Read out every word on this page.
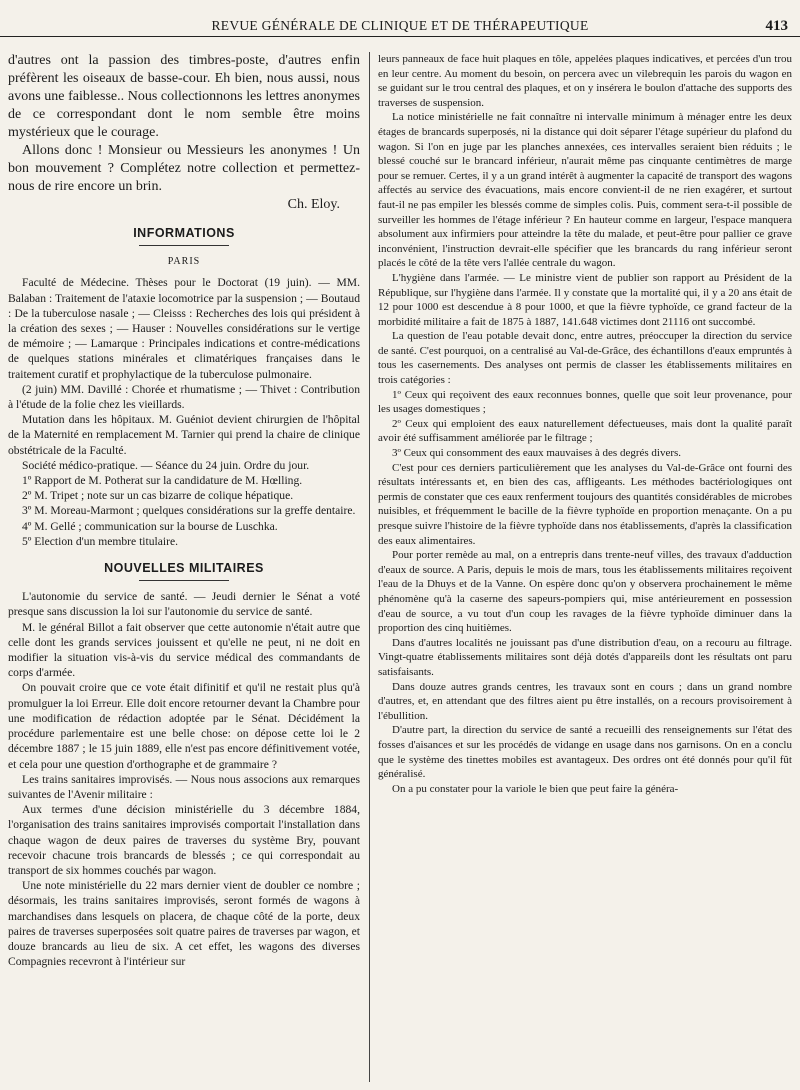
REVUE GÉNÉRALE DE CLINIQUE ET DE THÉRAPEUTIQUE	413

d'autres ont la passion des timbres-poste, d'autres enfin préfèrent les oiseaux de basse-cour. Eh bien, nous aussi, nous avons une faiblesse.. Nous collectionnons les lettres anonymes de ce correspondant dont le nom semble être moins mystérieux que le courage.

Allons donc ! Monsieur ou Messieurs les anonymes ! Un bon mouvement ? Complétez notre collection et permettez-nous de rire encore un brin.

Ch. Eloy.
INFORMATIONS
PARIS

Faculté de Médecine. Thèses pour le Doctorat (19 juin). — MM. Balaban : Traitement de l'ataxie locomotrice par la suspension ; — Boutaud : De la tuberculose nasale ; — Cleisss : Recherches des lois qui président à la création des sexes ; — Hauser : Nouvelles considérations sur le vertige de mémoire ; — Lamarque : Principales indications et contre-médications de quelques stations minérales et climatériques françaises dans le traitement curatif et prophylactique de la tuberculose pulmonaire.

(2 juin) MM. Davillé : Chorée et rhumatisme ; — Thivet : Contribution à l'étude de la folie chez les vieillards.

Mutation dans les hôpitaux. M. Guéniot devient chirurgien de l'hôpital de la Maternité en remplacement M. Tarnier qui prend la chaire de clinique obstétricale de la Faculté.

Société médico-pratique. — Séance du 24 juin. Ordre du jour.

1º Rapport de M. Potherat sur la candidature de M. Hœlling.

2º M. Tripet ; note sur un cas bizarre de colique hépatique.

3º M. Moreau-Marmont ; quelques considérations sur la greffe dentaire.

4º M. Gellé ; communication sur la bourse de Luschka.

5º Election d'un membre titulaire.

NOUVELLES MILITAIRES

L'autonomie du service de santé. — Jeudi dernier le Sénat a voté presque sans discussion la loi sur l'autonomie du service de santé.

M. le général Billot a fait observer que cette autonomie n'était autre que celle dont les grands services jouissent et qu'elle ne peut, ni ne doit en modifier la situation vis-à-vis du service médical des commandants de corps d'armée.

On pouvait croire que ce vote était difinitif et qu'il ne restait plus qu'à promulguer la loi Erreur. Elle doit encore retourner devant la Chambre pour une modification de rédaction adoptée par le Sénat. Décidément la procédure parlementaire est une belle chose: on dépose cette loi le 2 décembre 1887 ; le 15 juin 1889, elle n'est pas encore définitivement votée, et cela pour une question d'orthographe et de grammaire ?

Les trains sanitaires improvisés. — Nous nous associons aux remarques suivantes de l'Avenir militaire :

Aux termes d'une décision ministérielle du 3 décembre 1884, l'organisation des trains sanitaires improvisés comportait l'installation dans chaque wagon de deux paires de traverses du système Bry, pouvant recevoir chacune trois brancards de blessés ; ce qui correspondait au transport de six hommes couchés par wagon.

Une note ministérielle du 22 mars dernier vient de doubler ce nombre ; désormais, les trains sanitaires improvisés, seront formés de wagons à marchandises dans lesquels on placera, de chaque côté de la porte, deux paires de traverses superposées soit quatre paires de traverses par wagon, et douze brancards au lieu de six. A cet effet, les wagons des diverses Compagnies recevront à l'intérieur sur

leurs panneaux de face huit plaques en tôle, appelées plaques indicatives, et percées d'un trou en leur centre. Au moment du besoin, on percera avec un vilebrequin les parois du wagon en se guidant sur le trou central des plaques, et on y insérera le boulon d'attache des supports des traverses de suspension.

La notice ministérielle ne fait connaître ni intervalle minimum à ménager entre les deux étages de brancards superposés, ni la distance qui doit séparer l'étage supérieur du plafond du wagon. Si l'on en juge par les planches annexées, ces intervalles seraient bien réduits ; le blessé couché sur le brancard inférieur, n'aurait même pas cinquante centimètres de marge pour se remuer. Certes, il y a un grand intérêt à augmenter la capacité de transport des wagons affectés au service des évacuations, mais encore convient-il de ne rien exagérer, et surtout faut-il ne pas empiler les blessés comme de simples colis. Puis, comment sera-t-il possible de surveiller les hommes de l'étage inférieur ? En hauteur comme en largeur, l'espace manquera absolument aux infirmiers pour atteindre la tête du malade, et peut-être pour pallier ce grave inconvénient, l'instruction devrait-elle spécifier que les brancards du rang inférieur seront placés le côté de la tête vers l'allée centrale du wagon.

L'hygiène dans l'armée. — Le ministre vient de publier son rapport au Président de la République, sur l'hygiène dans l'armée. Il y constate que la mortalité qui, il y a 20 ans était de 12 pour 1000 est descendue à 8 pour 1000, et que la fièvre typhoïde, ce grand facteur de la morbidité militaire a fait de 1875 à 1887, 141.648 victimes dont 21116 ont succombé.

La question de l'eau potable devait donc, entre autres, préoccuper la direction du service de santé. C'est pourquoi, on a centralisé au Val-de-Grâce, des échantillons d'eaux empruntés à tous les casernements. Des analyses ont permis de classer les établissements militaires en trois catégories :

1º Ceux qui reçoivent des eaux reconnues bonnes, quelle que soit leur provenance, pour les usages domestiques ;

2º Ceux qui emploient des eaux naturellement défectueuses, mais dont la qualité paraît avoir été suffisamment améliorée par le filtrage ;

3º Ceux qui consomment des eaux mauvaises à des degrés divers.

C'est pour ces derniers particulièrement que les analyses du Val-de-Grâce ont fourni des résultats intéressants et, en bien des cas, affligeants. Les méthodes bactériologiques ont permis de constater que ces eaux renferment toujours des quantités considérables de microbes nuisibles, et fréquemment le bacille de la fièvre typhoïde en proportion menaçante. On a pu presque suivre l'histoire de la fièvre typhoïde dans nos établissements, d'après la classification des eaux alimentaires.

Pour porter remède au mal, on a entrepris dans trente-neuf villes, des travaux d'adduction d'eaux de source. A Paris, depuis le mois de mars, tous les établissements militaires reçoivent l'eau de la Dhuys et de la Vanne. On espère donc qu'on y observera prochainement le même phénomène qu'à la caserne des sapeurs-pompiers qui, mise antérieurement en possession d'eau de source, a vu tout d'un coup les ravages de la fièvre typhoïde diminuer dans la proportion des cinq huitièmes.

Dans d'autres localités ne jouissant pas d'une distribution d'eau, on a recouru au filtrage. Vingt-quatre établissements militaires sont déjà dotés d'appareils dont les résultats ont paru satisfaisants.

Dans douze autres grands centres, les travaux sont en cours ; dans un grand nombre d'autres, et, en attendant que des filtres aient pu être installés, on a recours provisoirement à l'ébullition.

D'autre part, la direction du service de santé a recueilli des renseignements sur l'état des fosses d'aisances et sur les procédés de vidange en usage dans nos garnisons. On en a conclu que le système des tinettes mobiles est avantageux. Des ordres ont été donnés pour qu'il fût généralisé.

On a pu constater pour la variole le bien que peut faire la généra-
